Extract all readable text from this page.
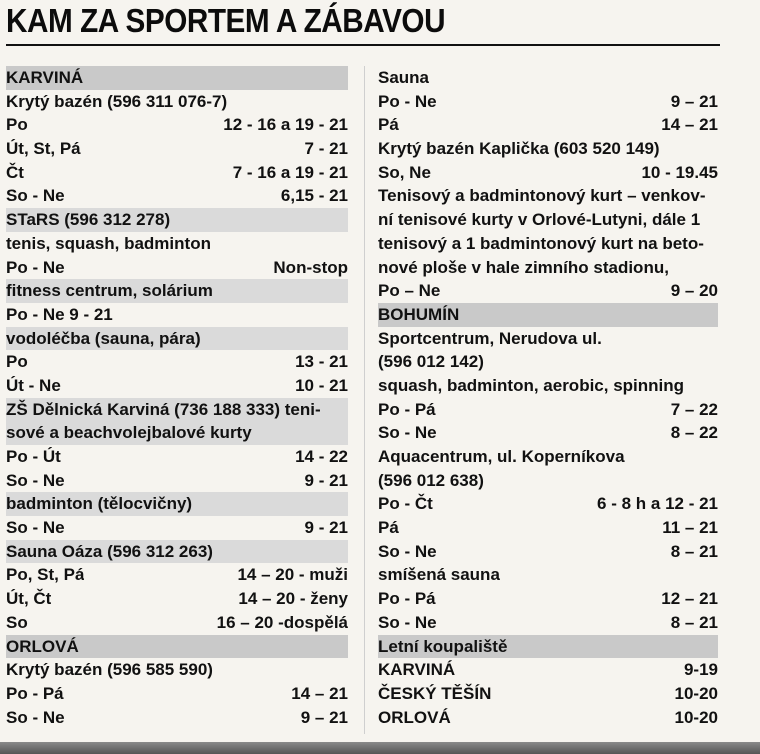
KAM ZA SPORTEM A ZÁBAVOU
KARVINÁ
Krytý bazén (596 311 076-7)
Po	12 - 16 a 19 - 21
Út, St, Pá	7 - 21
Čt	7 - 16 a 19 - 21
So - Ne	6,15 - 21
STaRS (596 312 278)
tenis, squash, badminton
Po - Ne	Non-stop
fitness centrum, solárium
Po - Ne 9 - 21
vodoléčba (sauna, pára)
Po	13 - 21
Út - Ne	10 - 21
ZŠ Dělnická Karviná (736 188 333) teni-
sové a beachvolejbalové kurty
Po - Út	14 - 22
So - Ne	9 - 21
badminton (tělocvičny)
So - Ne	9 - 21
Sauna Oáza (596 312 263)
Po, St, Pá	14 – 20 - muži
Út, Čt	14 – 20 - ženy
So	16 – 20 -dospělá
ORLOVÁ
Krytý bazén (596 585 590)
Po - Pá	14 – 21
So - Ne	9 – 21
Sauna
Po - Ne	9 – 21
Pá	14 – 21
Krytý bazén Kaplička (603 520 149)
So, Ne	10 - 19.45
Tenisový a badmintonový kurt – venkov-
ní tenisové kurty v Orlové-Lutyni, dále 1
tenisový a 1 badmintonový kurt na beto-
nové ploše v hale zimního stadionu,
Po – Ne	9 – 20
BOHUMÍN
Sportcentrum, Nerudova ul.
(596 012 142)
squash, badminton, aerobic, spinning
Po - Pá	7 – 22
So - Ne	8 – 22
Aquacentrum, ul. Koperníkova
(596 012 638)
Po - Čt	6 - 8 h a 12 - 21
Pá	11 – 21
So - Ne	8 – 21
smíšená sauna
Po - Pá	12 – 21
So - Ne	8 – 21
Letní koupaliště
KARVINÁ	9-19
ČESKÝ TĚŠÍN	10-20
ORLOVÁ	10-20
